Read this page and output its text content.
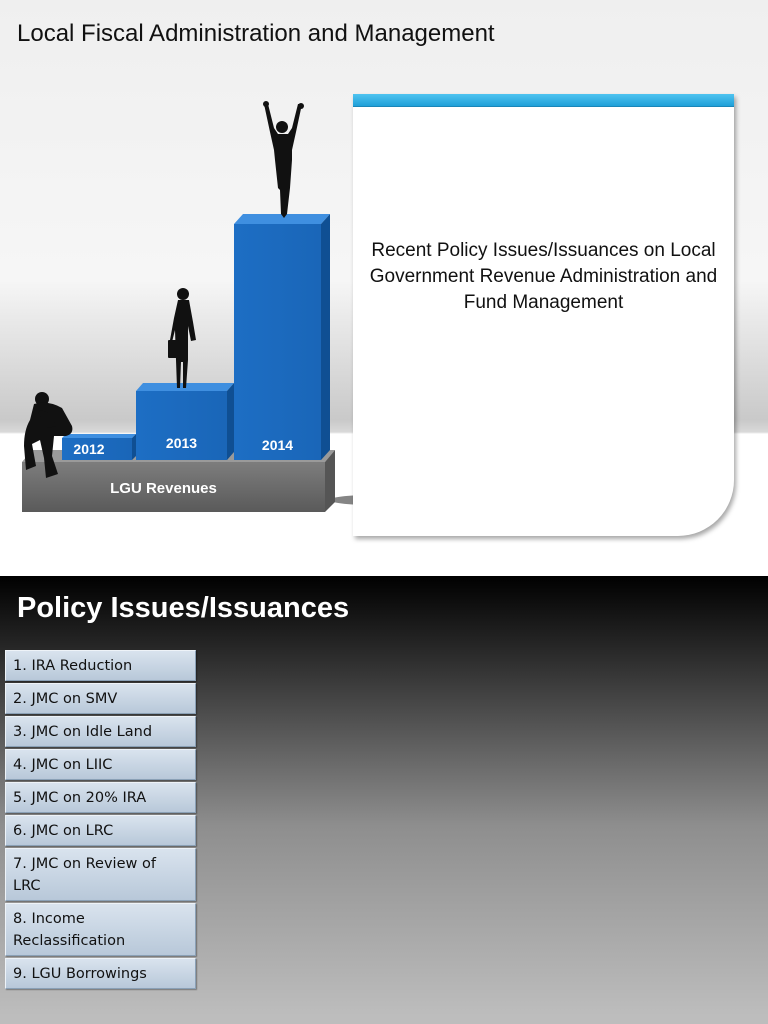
Local Fiscal Administration and Management
2012	2013	2014
LGU Revenues
Recent Policy Issues/Issuances on Local Government Revenue Administration and Fund Management
Policy Issues/Issuances
1. IRA Reduction
2. JMC on SMV
3. JMC on Idle Land
4. JMC on LIIC
5. JMC on 20% IRA
6. JMC on LRC
7. JMC on Review of LRC
8. Income Reclassification
9. LGU Borrowings
